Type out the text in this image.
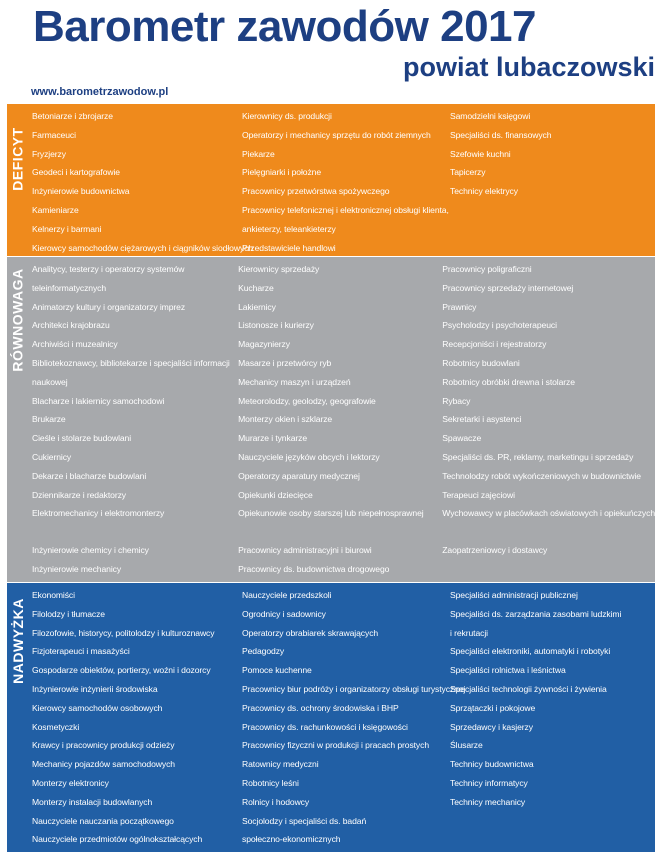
Barometr zawodów 2017
powiat lubaczowski
www.barometrzawodow.pl
DEFICYT
Betoniarze i zbrojarze
Farmaceuci
Fryzjerzy
Geodeci i kartografowie
Inżynierowie budownictwa
Kamieniarze
Kelnerzy i barmani
Kierowcy samochodów ciężarowych i ciągników siodłowych
Kierownicy ds. produkcji
Operatorzy i mechanicy sprzętu do robót ziemnych
Piekarze
Pielęgniarki i położne
Pracownicy przetwórstwa spożywczego
Pracownicy telefonicznej i elektronicznej obsługi klienta,
ankieterzy, teleankieterzy
Przedstawiciele handlowi
Samodzielni księgowi
Specjaliści ds. finansowych
Szefowie kuchni
Tapicerzy
Technicy elektrycy
RÓWNOWAGA Analitycy, testerzy i operatorzy systemów
teleinformatycznych
Animatorzy kultury i organizatorzy imprez
Architekci krajobrazu
Archiwiści i muzealnicy
Bibliotekoznawcy, bibliotekarze i specjaliści informacji
naukowej
Blacharze i lakiernicy samochodowi
Brukarze
Cieśle i stolarze budowlani
Cukiernicy
Dekarze i blacharze budowlani
Dziennikarze i redaktorzy
Elektromechanicy i elektromonterzy
Inżynierowie chemicy i chemicy
Inżynierowie mechanicy
Kierownicy sprzedaży
Kucharze
Lakiernicy
Listonosze i kurierzy
Magazynierzy
Masarze i przetwórcy ryb
Mechanicy maszyn i urządzeń
Meteorolodzy, geolodzy, geografowie
Monterzy okien i szklarze
Murarze i tynkarze
Nauczyciele języków obcych i lektorzy
Operatorzy aparatury medycznej
Opiekunki dziecięce
Opiekunowie osoby starszej lub niepełnosprawnej
Pracownicy administracyjni i biurowi
Pracownicy ds. budownictwa drogowego
Pracownicy poligraficzni
Pracownicy sprzedaży internetowej
Prawnicy
Psycholodzy i psychoterapeuci
Recepcjoniści i rejestratorzy
Robotnicy budowlani
Robotnicy obróbki drewna i stolarze
Rybacy
Sekretarki i asystenci
Spawacze
Specjaliści ds. PR, reklamy, marketingu i sprzedaży
Technolodzy robót wykończeniowych w budownictwie
Terapeuci zajęciowi
Wychowawcy w placówkach oświatowych i opiekuńczych
Zaopatrzeniowcy i dostawcy
NADWYŻKA
Ekonomiści
Filolodzy i tłumacze
Filozofowie, historycy, politolodzy i kulturoznawcy
Fizjoterapeuci i masażyści
Gospodarze obiektów, portierzy, woźni i dozorcy
Inżynierowie inżynierii środowiska
Kierowcy samochodów osobowych
Kosmetyczki
Krawcy i pracownicy produkcji odzieży
Mechanicy pojazdów samochodowych
Monterzy elektronicy
Monterzy instalacji budowlanych
Nauczyciele nauczania początkowego
Nauczyciele przedmiotów ogólnokształcących
Nauczyciele przedszkoli
Ogrodnicy i sadownicy
Operatorzy obrabiarek skrawających
Pedagodzy
Pomoce kuchenne
Pracownicy biur podróży i organizatorzy obsługi turystycznej
Pracownicy ds. ochrony środowiska i BHP
Pracownicy ds. rachunkowości i księgowości
Pracownicy fizyczni w produkcji i pracach prostych
Ratownicy medyczni
Robotnicy leśni
Rolnicy i hodowcy
Socjolodzy i specjaliści ds. badań
społeczno-ekonomicznych
Specjaliści administracji publicznej
Specjaliści ds. zarządzania zasobami ludzkimi
i rekrutacji
Specjaliści elektroniki, automatyki i robotyki
Specjaliści rolnictwa i leśnictwa
Specjaliści technologii żywności i żywienia
Sprzątaczki i pokojowe
Sprzedawcy i kasjerzy
Ślusarze
Technicy budownictwa
Technicy informatycy
Technicy mechanicy
